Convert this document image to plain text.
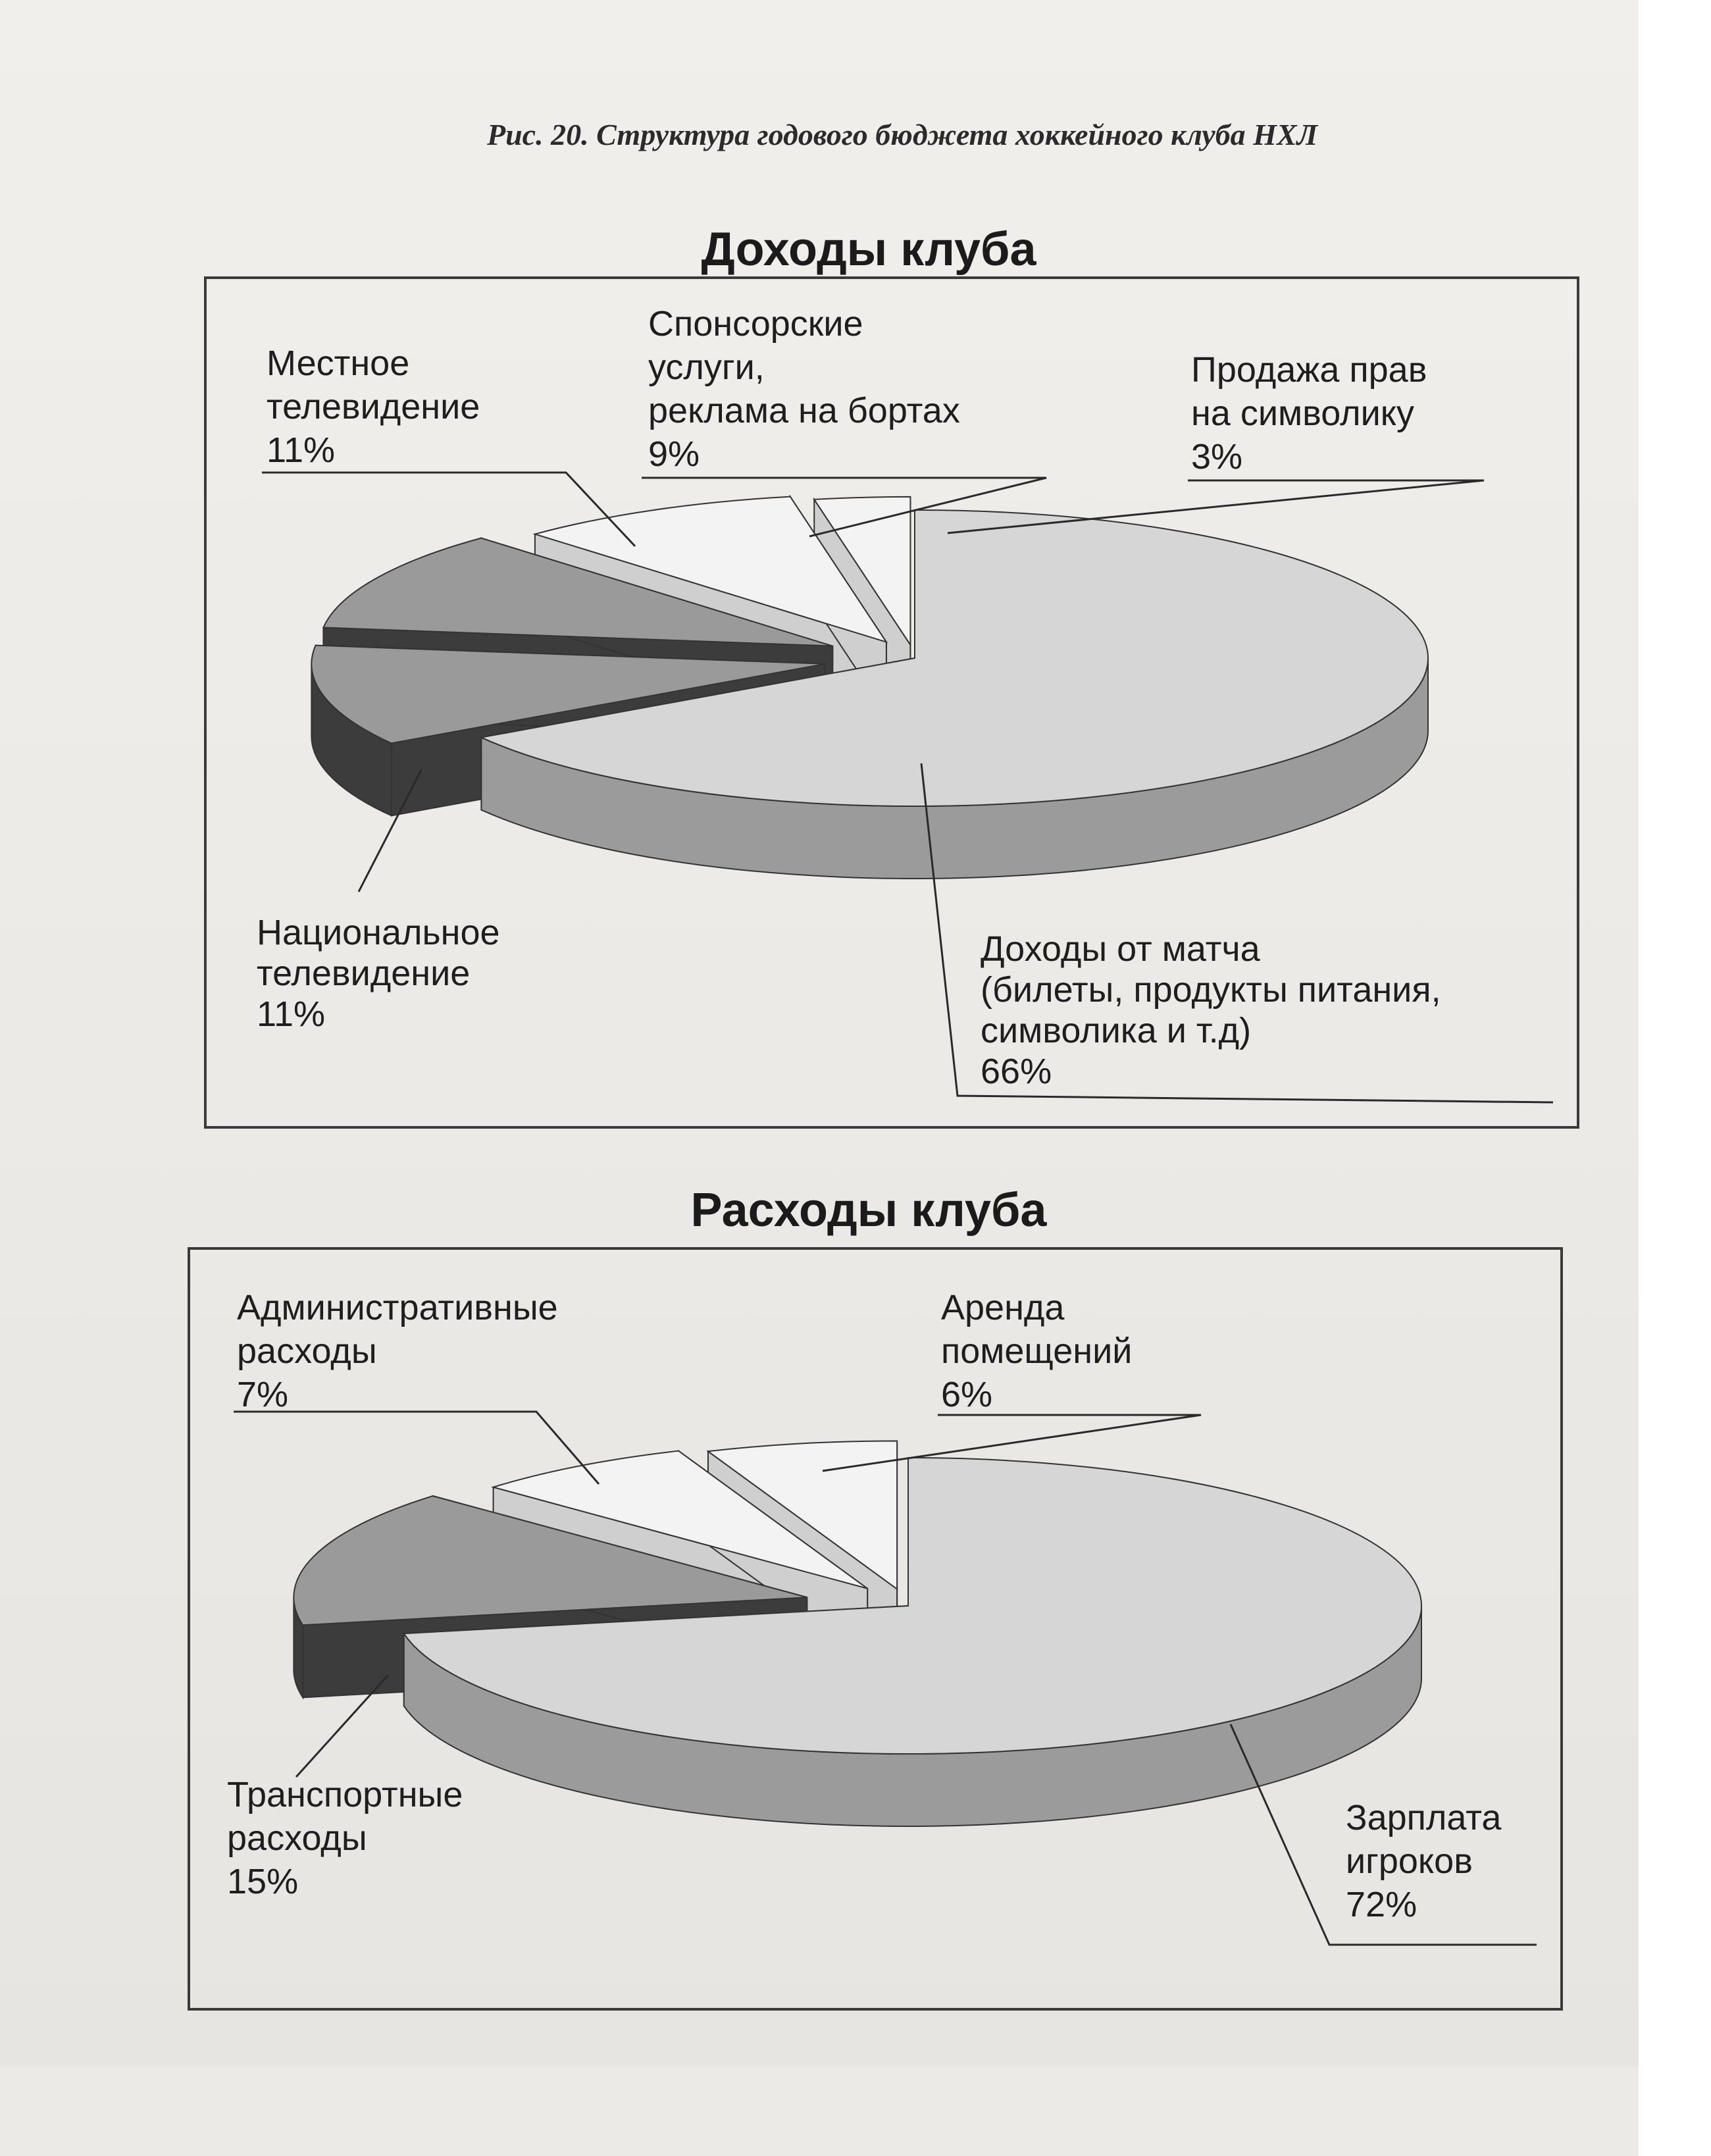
Рис. 20. Структура годового бюджета хоккейного клуба НХЛ
Доходы клуба
Расходы клуба
Доходы от матча
(билеты, продукты питания,
символика и т.д)
66%
Национальное
телевидение
11%
Местное
телевидение
11%
Спонсорские
услуги,
реклама на бортах
9%
Продажа прав
на символику
3%
Зарплата
игроков
72%
Транспортные
расходы
15%
Административные
расходы
7%
Аренда
помещений
6%
